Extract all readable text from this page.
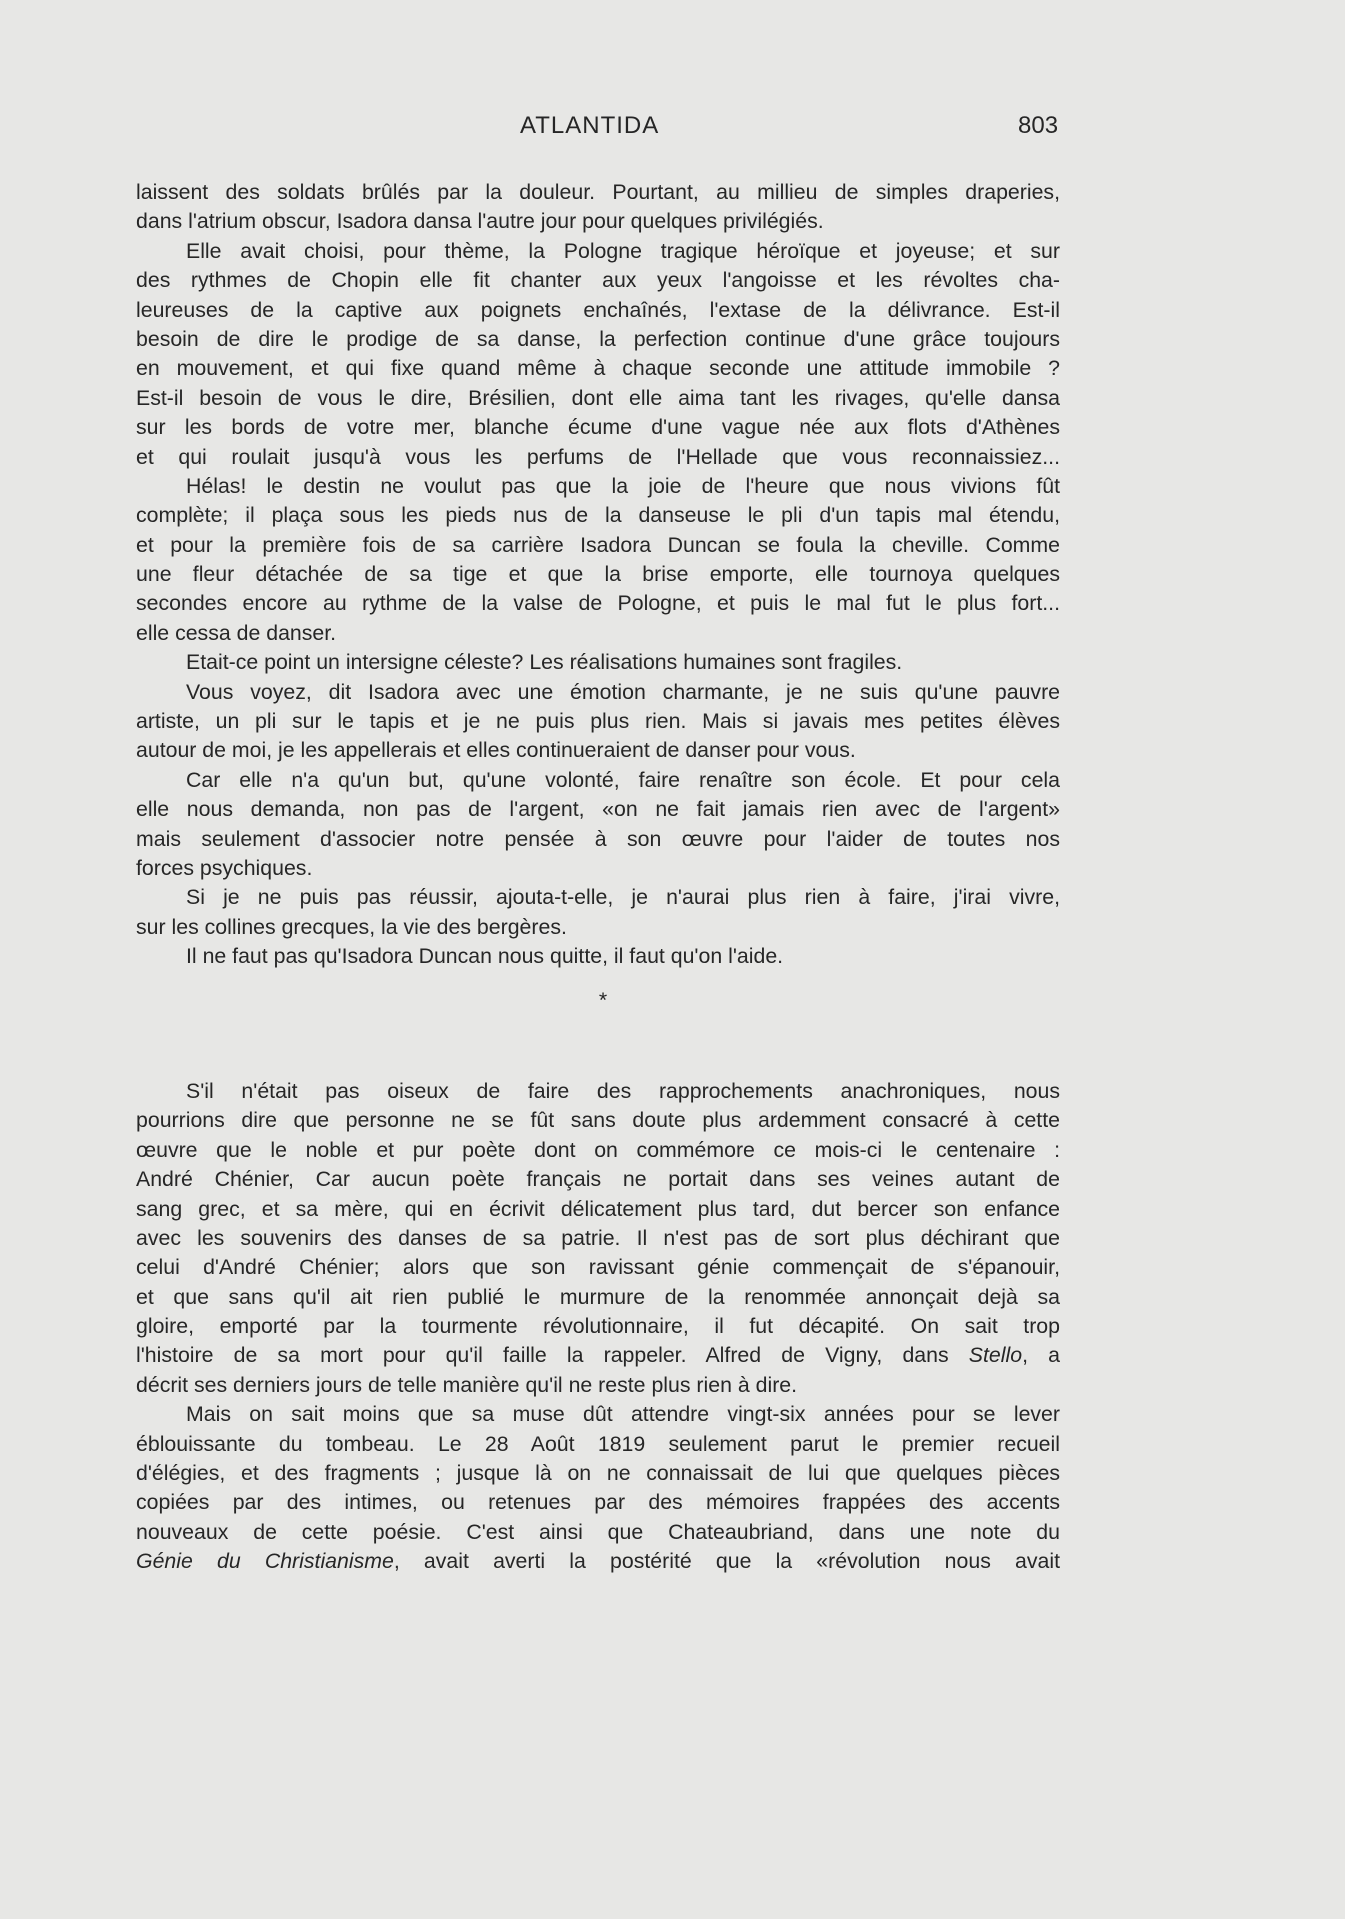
ATLANTIDA	803
laissent des soldats brûlés par la douleur. Pourtant, au millieu de simples draperies,
dans l'atrium obscur, Isadora dansa l'autre jour pour quelques privilégiés.
Elle avait choisi, pour thème, la Pologne tragique héroïque et joyeuse; et sur
des rythmes de Chopin elle fit chanter aux yeux l'angoisse et les révoltes cha-
leureuses de la captive aux poignets enchaînés, l'extase de la délivrance. Est-il
besoin de dire le prodige de sa danse, la perfection continue d'une grâce toujours
en mouvement, et qui fixe quand même à chaque seconde une attitude immobile ?
Est-il besoin de vous le dire, Brésilien, dont elle aima tant les rivages, qu'elle dansa
sur les bords de votre mer, blanche écume d'une vague née aux flots d'Athènes
et qui roulait jusqu'à vous les perfums de l'Hellade que vous reconnaissiez...
Hélas! le destin ne voulut pas que la joie de l'heure que nous vivions fût
complète; il plaça sous les pieds nus de la danseuse le pli d'un tapis mal étendu,
et pour la première fois de sa carrière Isadora Duncan se foula la cheville. Comme
une fleur détachée de sa tige et que la brise emporte, elle tournoya quelques
secondes encore au rythme de la valse de Pologne, et puis le mal fut le plus fort...
elle cessa de danser.
Etait-ce point un intersigne céleste? Les réalisations humaines sont fragiles.
Vous voyez, dit Isadora avec une émotion charmante, je ne suis qu'une pauvre
artiste, un pli sur le tapis et je ne puis plus rien. Mais si javais mes petites élèves
autour de moi, je les appellerais et elles continueraient de danser pour vous.
Car elle n'a qu'un but, qu'une volonté, faire renaître son école. Et pour cela
elle nous demanda, non pas de l'argent, «on ne fait jamais rien avec de l'argent»
mais seulement d'associer notre pensée à son œuvre pour l'aider de toutes nos
forces psychiques.
Si je ne puis pas réussir, ajouta-t-elle, je n'aurai plus rien à faire, j'irai vivre,
sur les collines grecques, la vie des bergères.
Il ne faut pas qu'Isadora Duncan nous quitte, il faut qu'on l'aide.
*
S'il n'était pas oiseux de faire des rapprochements anachroniques, nous
pourrions dire que personne ne se fût sans doute plus ardemment consacré à cette
œuvre que le noble et pur poète dont on commémore ce mois-ci le centenaire :
André Chénier, Car aucun poète français ne portait dans ses veines autant de
sang grec, et sa mère, qui en écrivit délicatement plus tard, dut bercer son enfance
avec les souvenirs des danses de sa patrie. Il n'est pas de sort plus déchirant que
celui d'André Chénier; alors que son ravissant génie commençait de s'épanouir,
et que sans qu'il ait rien publié le murmure de la renommée annonçait dejà sa
gloire, emporté par la tourmente révolutionnaire, il fut décapité. On sait trop
l'histoire de sa mort pour qu'il faille la rappeler. Alfred de Vigny, dans Stello, a
décrit ses derniers jours de telle manière qu'il ne reste plus rien à dire.
Mais on sait moins que sa muse dût attendre vingt-six années pour se lever
éblouissante du tombeau. Le 28 Août 1819 seulement parut le premier recueil
d'élégies, et des fragments ; jusque là on ne connaissait de lui que quelques pièces
copiées par des intimes, ou retenues par des mémoires frappées des accents
nouveaux de cette poésie. C'est ainsi que Chateaubriand, dans une note du
Génie du Christianisme, avait averti la postérité que la «révolution nous avait
